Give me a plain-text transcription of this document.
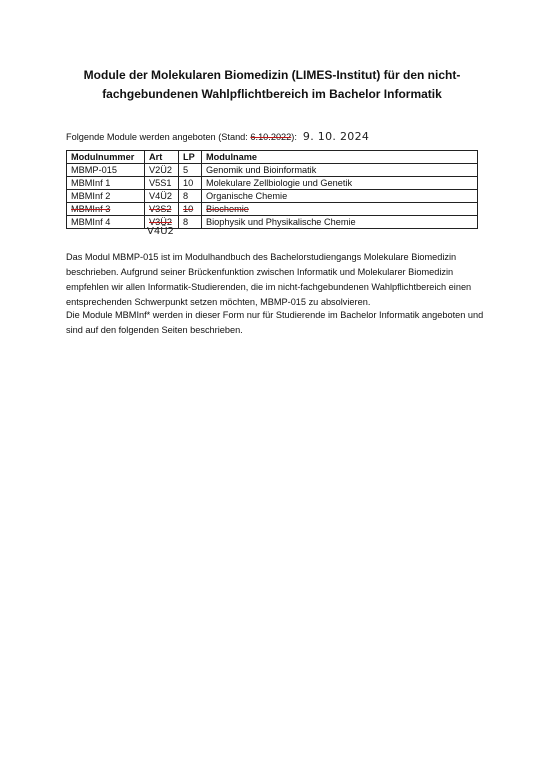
Module der Molekularen Biomedizin (LIMES-Institut) für den nicht-fachgebundenen Wahlpflichtbereich im Bachelor Informatik
Folgende Module werden angeboten (Stand: 6.10.2022): 9. 10. 2024
Modulnummer	Art	LP	Modulname
MBMP-015	V2Ü2	5	Genomik und Bioinformatik
MBMInf 1	V5S1	10	Molekulare Zellbiologie und Genetik
MBMInf 2	V4Ü2	8	Organische Chemie
MBMInf 3	V3S2	10	Biochemie
MBMInf 4	V3Ü2	8	Biophysik und Physikalische Chemie
V4Ü2
Das Modul MBMP-015 ist im Modulhandbuch des Bachelorstudiengangs Molekulare Biomedizin beschrieben. Aufgrund seiner Brückenfunktion zwischen Informatik und Molekularer Biomedizin empfehlen wir allen Informatik-Studierenden, die im nicht-fachgebundenen Wahlpflichtbereich einen entsprechenden Schwerpunkt setzen möchten, MBMP-015 zu absolvieren.
Die Module MBMInf* werden in dieser Form nur für Studierende im Bachelor Informatik angeboten und sind auf den folgenden Seiten beschrieben.
